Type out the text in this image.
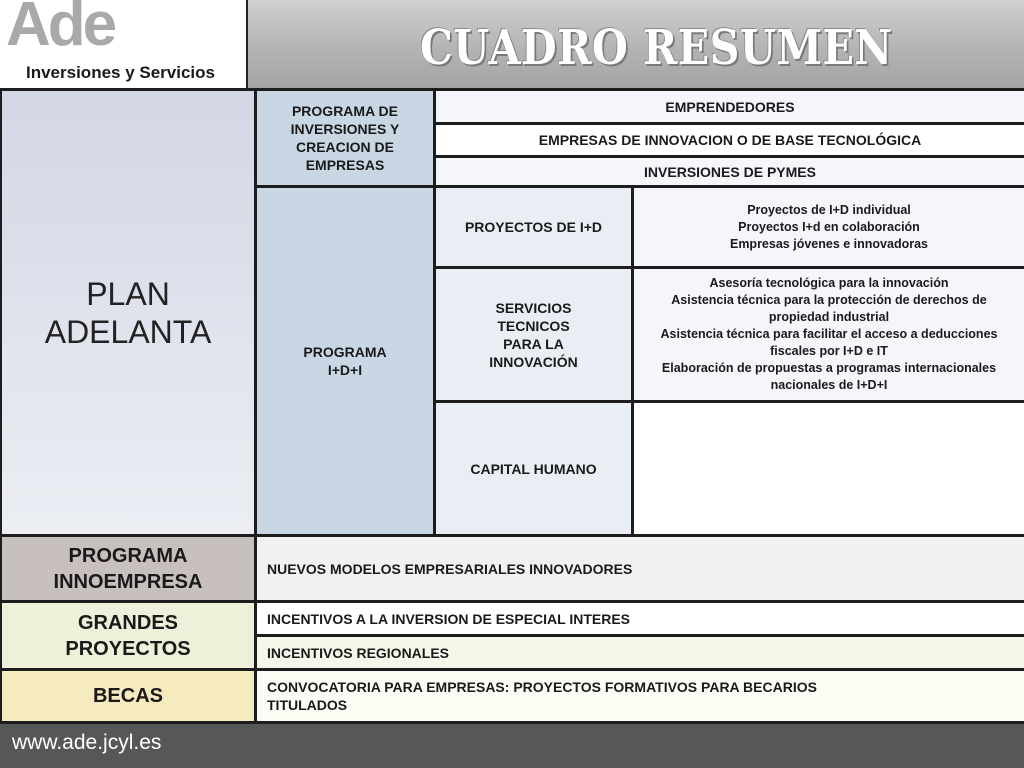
Ade
Inversiones y Servicios	CUADRO RESUMEN
PLAN
ADELANTA
PROGRAMA DE
INVERSIONES Y
CREACION DE
EMPRESAS
EMPRENDEDORES
EMPRESAS DE INNOVACION O DE BASE TECNOLÓGICA
INVERSIONES DE PYMES
PROGRAMA
I+D+I
PROYECTOS DE I+D
Proyectos de I+D individual
Proyectos I+d en colaboración
Empresas jóvenes e innovadoras
SERVICIOS
TECNICOS
PARA LA
INNOVACIÓN
Asesoría tecnológica para la innovación
Asistencia técnica para la protección de derechos de
propiedad industrial
Asistencia técnica para facilitar el acceso a deducciones
fiscales por I+D e IT
Elaboración de propuestas a programas internacionales
nacionales de I+D+I
CAPITAL HUMANO
PROGRAMA
INNOEMPRESA
NUEVOS MODELOS EMPRESARIALES INNOVADORES
GRANDES
PROYECTOS
INCENTIVOS A LA INVERSION DE ESPECIAL INTERES
INCENTIVOS REGIONALES
BECAS	CONVOCATORIA PARA EMPRESAS: PROYECTOS FORMATIVOS PARA BECARIOS
TITULADOS
www.ade.jcyl.es
